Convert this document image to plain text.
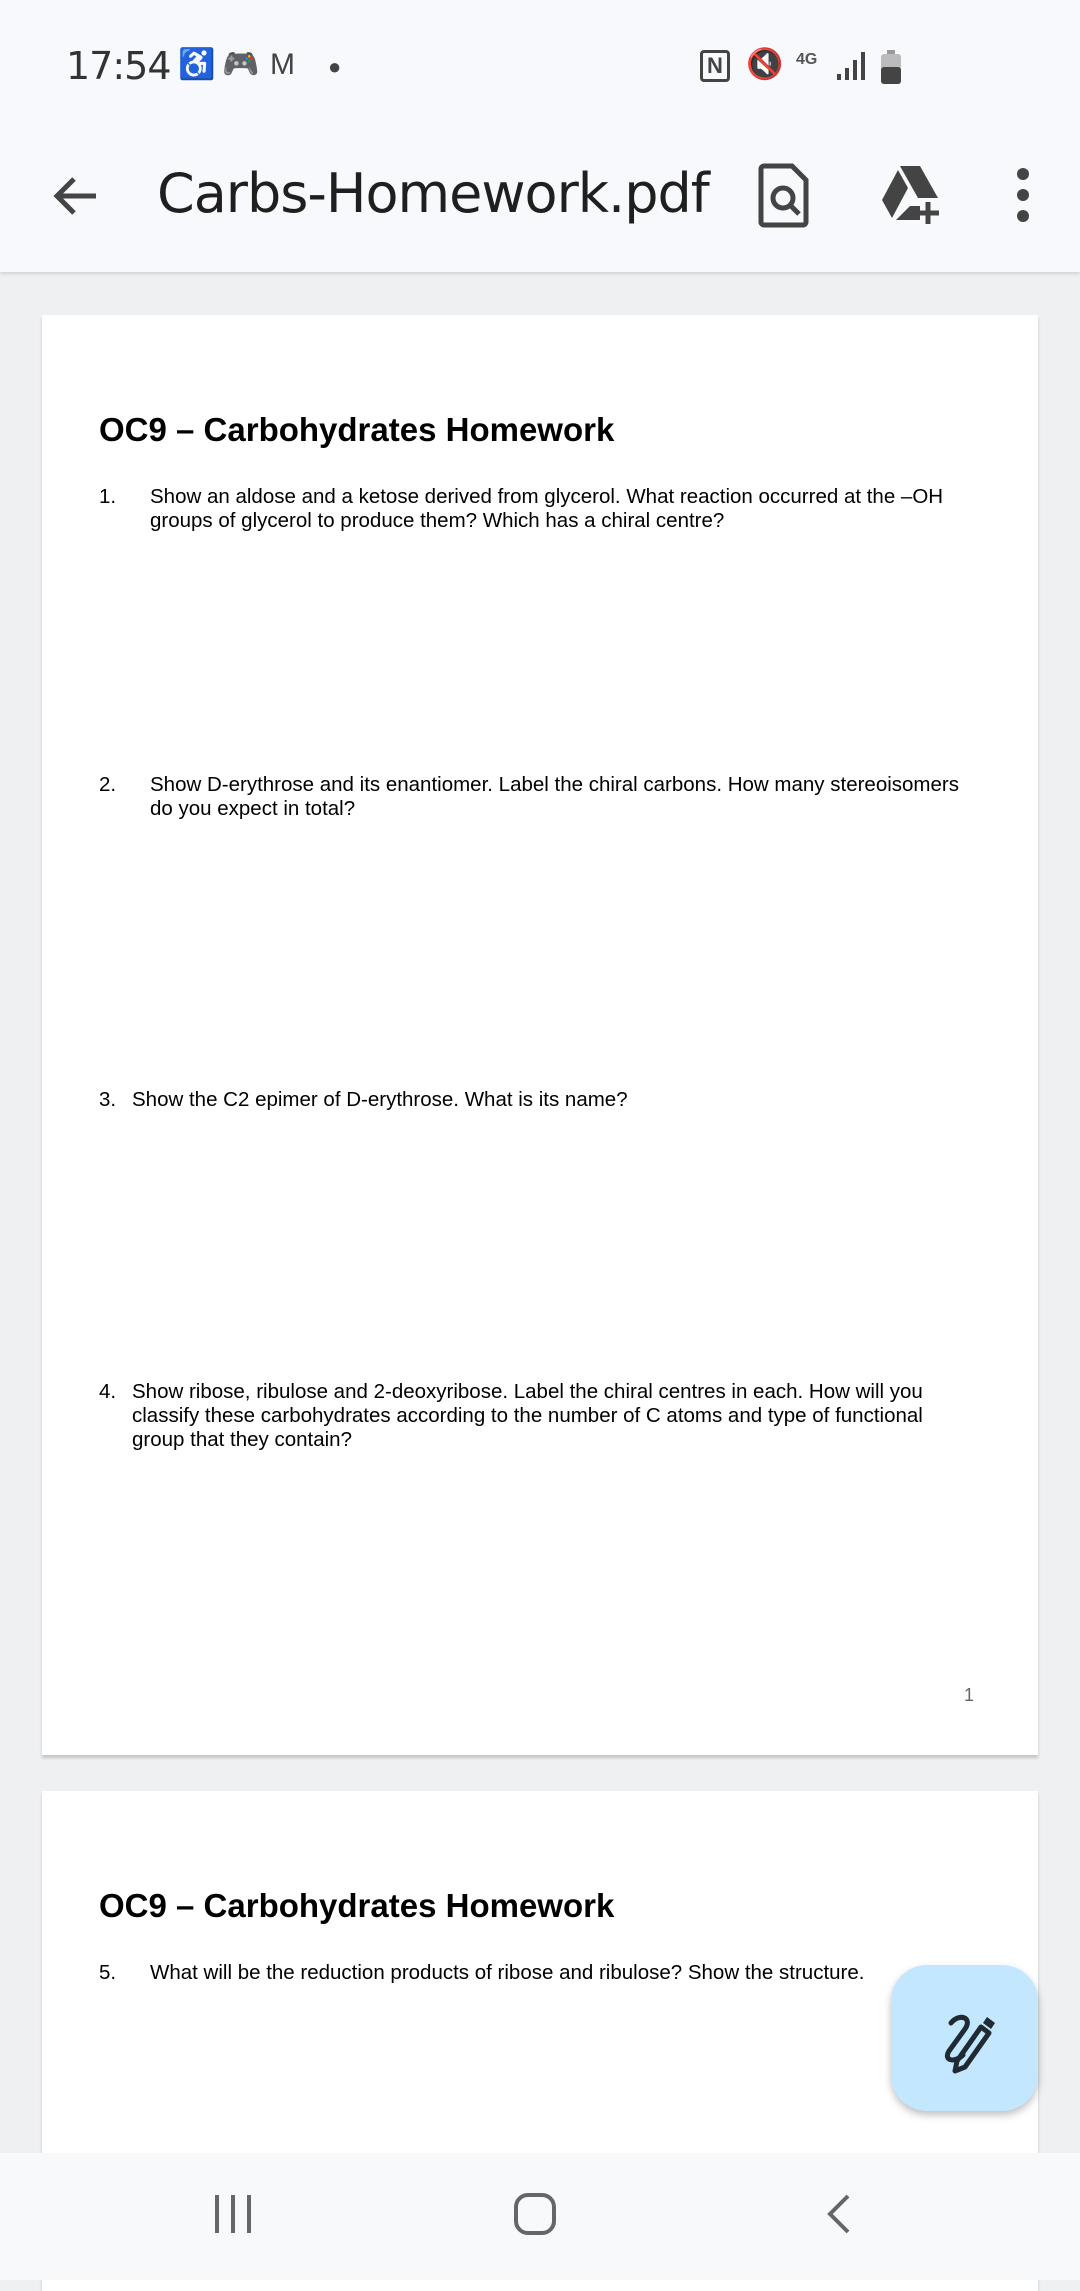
17:54 ♿ 🎮 M ●	N 🔇 4G
Carbs-Homework.pdf
OC9 – Carbohydrates Homework
1. Show an aldose and a ketose derived from glycerol. What reaction occurred at the –OH
groups of glycerol to produce them? Which has a chiral centre?
2. Show D-erythrose and its enantiomer. Label the chiral carbons. How many stereoisomers
do you expect in total?
3. Show the C2 epimer of D-erythrose. What is its name?
4. Show ribose, ribulose and 2-deoxyribose. Label the chiral centres in each. How will you
classify these carbohydrates according to the number of C atoms and type of functional
group that they contain?
1
OC9 – Carbohydrates Homework
5. What will be the reduction products of ribose and ribulose? Show the structure.
